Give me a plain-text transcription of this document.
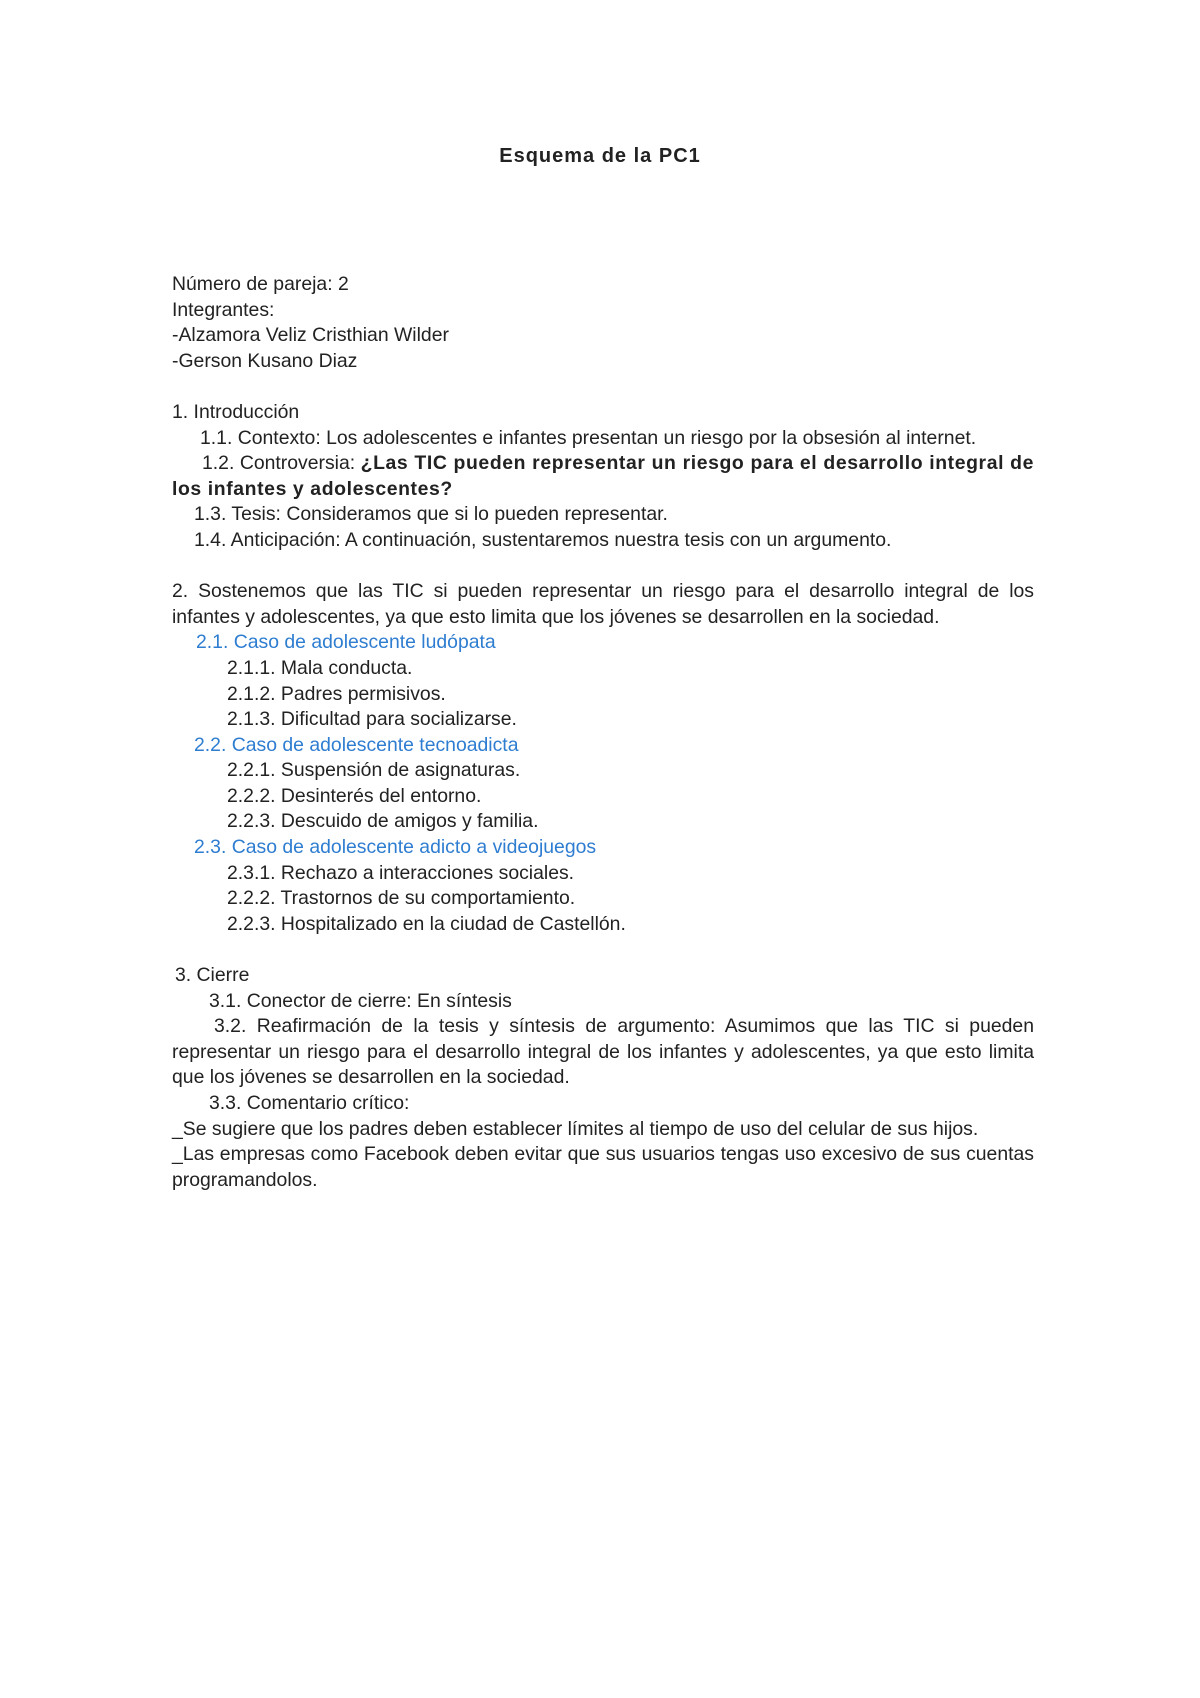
Esquema de la PC1
Número de pareja: 2
Integrantes:
-Alzamora Veliz Cristhian Wilder
-Gerson Kusano Diaz
1. Introducción
1.1. Contexto: Los adolescentes e infantes presentan un riesgo por la obsesión al internet.
1.2. Controversia: ¿Las TIC pueden representar un riesgo para el desarrollo integral de los infantes y adolescentes?
1.3. Tesis: Consideramos que si lo pueden representar.
1.4. Anticipación: A continuación, sustentaremos nuestra tesis con un argumento.
2. Sostenemos que las TIC si pueden representar un riesgo para el desarrollo integral de los infantes y adolescentes, ya que esto limita que los jóvenes se desarrollen en la sociedad.
2.1. Caso de adolescente ludópata
2.1.1. Mala conducta.
2.1.2. Padres permisivos.
2.1.3. Dificultad para socializarse.
2.2. Caso de adolescente tecnoadicta
2.2.1. Suspensión de asignaturas.
2.2.2. Desinterés del entorno.
2.2.3. Descuido de amigos y familia.
2.3. Caso de adolescente adicto a videojuegos
2.3.1. Rechazo a interacciones sociales.
2.2.2. Trastornos de su comportamiento.
2.2.3. Hospitalizado en la ciudad de Castellón.
3. Cierre
3.1. Conector de cierre: En síntesis
3.2. Reafirmación de la tesis y síntesis de argumento: Asumimos que las TIC si pueden representar un riesgo para el desarrollo integral de los infantes y adolescentes, ya que esto limita que los jóvenes se desarrollen en la sociedad.
3.3. Comentario crítico:
_Se sugiere que los padres deben establecer límites al tiempo de uso del celular de sus hijos.
_Las empresas como Facebook deben evitar que sus usuarios tengas uso excesivo de sus cuentas programandolos.
